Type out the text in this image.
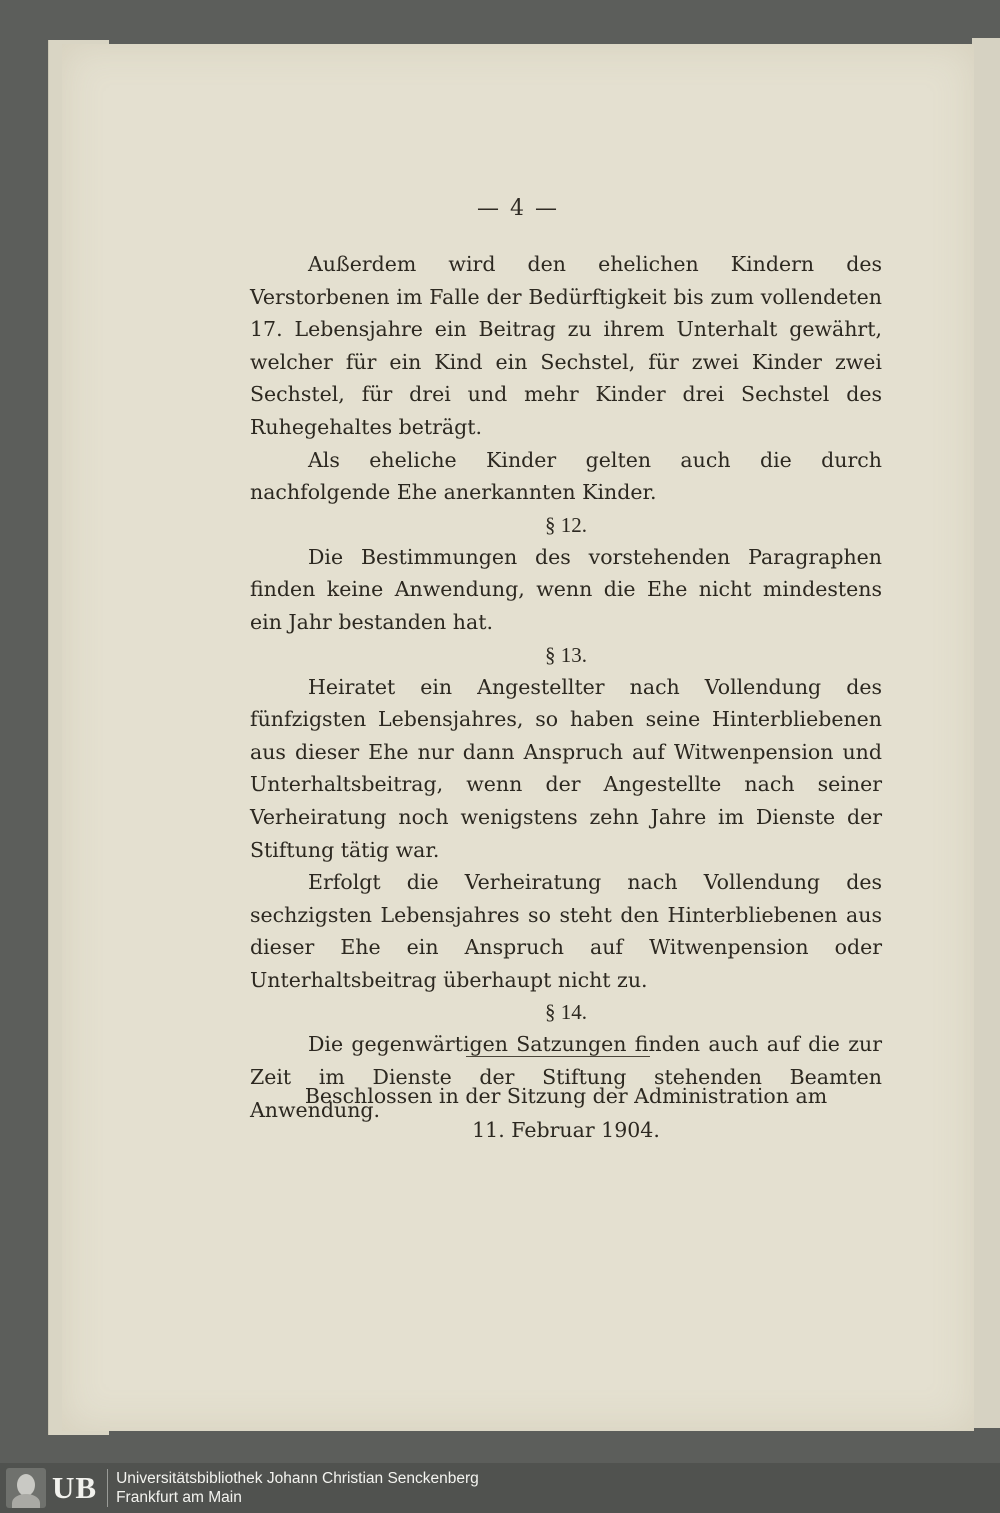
— 4 —

Außerdem wird den ehelichen Kindern des Verstorbenen im Falle der Bedürftigkeit bis zum vollendeten 17. Lebensjahre ein Beitrag zu ihrem Unterhalt gewährt, welcher für ein Kind ein Sechstel, für zwei Kinder zwei Sechstel, für drei und mehr Kinder drei Sechstel des Ruhegehaltes beträgt.

Als eheliche Kinder gelten auch die durch nachfolgende Ehe anerkannten Kinder.

§ 12.

Die Bestimmungen des vorstehenden Paragraphen finden keine Anwendung, wenn die Ehe nicht mindestens ein Jahr bestanden hat.

§ 13.

Heiratet ein Angestellter nach Vollendung des fünfzigsten Lebensjahres, so haben seine Hinterbliebenen aus dieser Ehe nur dann Anspruch auf Witwenpension und Unterhaltsbeitrag, wenn der Angestellte nach seiner Verheiratung noch wenigstens zehn Jahre im Dienste der Stiftung tätig war.

Erfolgt die Verheiratung nach Vollendung des sechzigsten Lebensjahres so steht den Hinterbliebenen aus dieser Ehe ein Anspruch auf Witwenpension oder Unterhaltsbeitrag überhaupt nicht zu.

§ 14.

Die gegenwärtigen Satzungen finden auch auf die zur Zeit im Dienste der Stiftung stehenden Beamten Anwendung.

Beschlossen in der Sitzung der Administration am
11. Februar 1904.
UB Universitätsbibliothek Johann Christian Senckenberg
Frankfurt am Main
